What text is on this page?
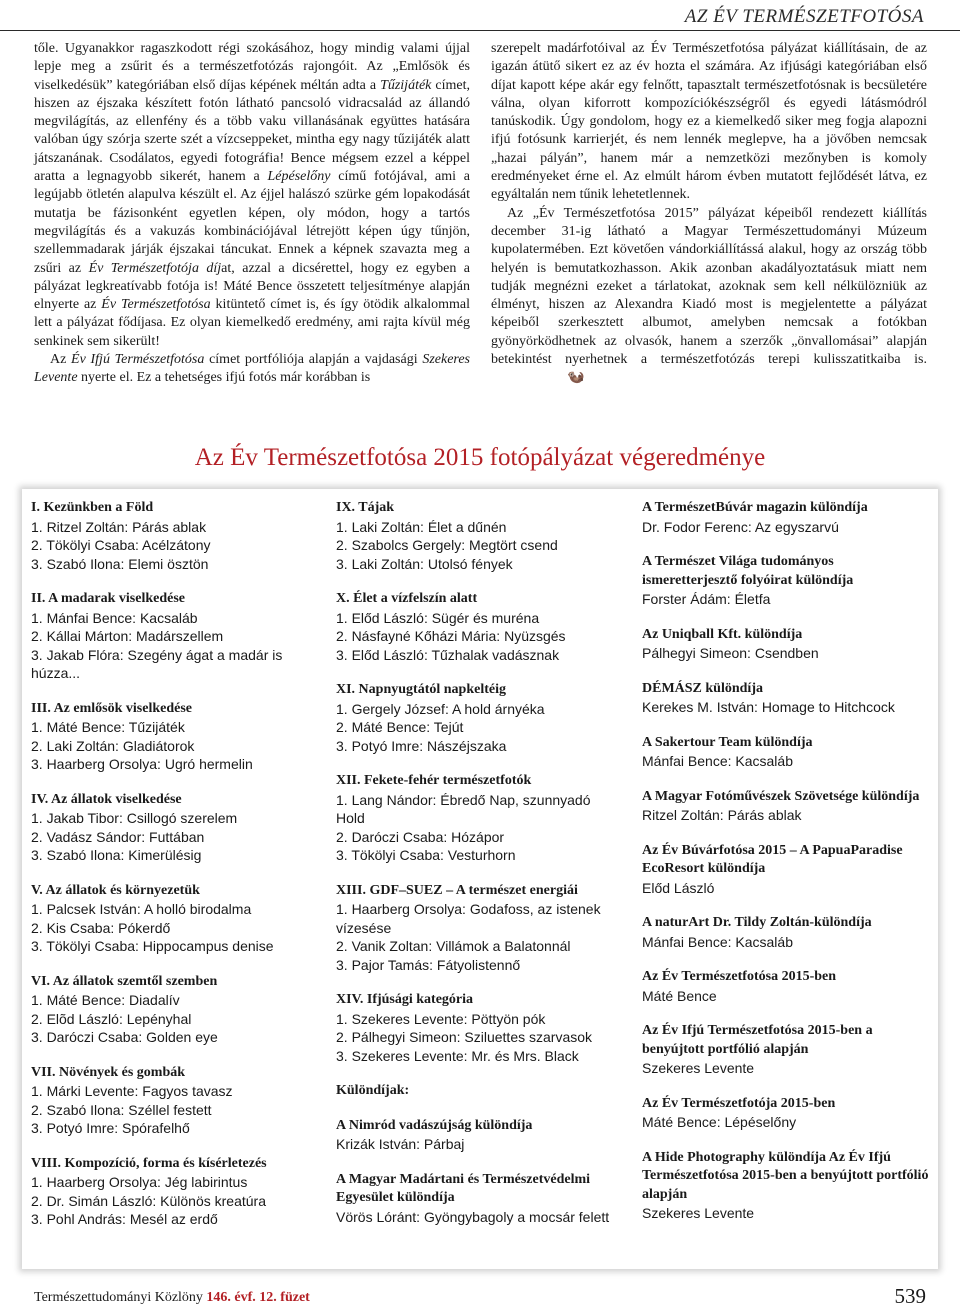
AZ ÉV TERMÉSZETFOTÓSA

tőle. Ugyanakkor ragaszkodott régi szokásához, hogy mindig valami újjal lepje meg a zsűrit és a természetfotózás rajongóit. Az „Emlősök és viselkedésük” kategóriában első díjas képének méltán adta a Tűzijáték címet, hiszen az éjszaka készített fotón látható pancsoló vidracsalád az állandó megvilágítás, az ellenfény és a több vaku villanásának együttes hatására valóban úgy szórja szerte szét a vízcseppeket, mintha egy nagy tűzijáték alatt játszanának. Csodálatos, egyedi fotográfia! Bence mégsem ezzel a képpel aratta a legnagyobb sikerét, hanem a Lépéselőny című fotójával, ami a legújabb ötletén alapulva készült el. Az éjjel halászó szürke gém lopakodását mutatja be fázisonként egyetlen képen, oly módon, hogy a tartós megvilágítás és a vakuzás kombinációjával létrejött képen úgy tűnjön, szellemmadarak járják éjszakai táncukat. Ennek a képnek szavazta meg a zsűri az Év Természetfotója díjat, azzal a dicsérettel, hogy ez egyben a pályázat legkreatívabb fotója is! Máté Bence összetett teljesítménye alapján elnyerte az Év Természetfotósa kitüntető címet is, és így ötödik alkalommal lett a pályázat fődíjasa. Ez olyan kiemelkedő eredmény, ami rajta kívül még senkinek sem sikerült!

Az Év Ifjú Természetfotósa címet portfóliója alapján a vajdasági Szekeres Levente nyerte el. Ez a tehetséges ifjú fotós már korábban is

szerepelt madárfotóival az Év Természetfotósa pályázat kiállításain, de az igazán átütő sikert ez az év hozta el számára. Az ifjúsági kategóriában első díjat kapott képe akár egy felnőtt, tapasztalt természetfotósnak is becsületére válna, olyan kiforrott kompozíciókészségről és egyedi látásmódról tanúskodik. Úgy gondolom, hogy ez a kiemelkedő siker meg fogja alapozni ifjú fotósunk karrierjét, és nem lennék meglepve, ha a jövőben nemcsak „hazai pályán”, hanem már a nemzetközi mezőnyben is komoly eredményeket érne el. Az elmúlt három évben mutatott fejlődését látva, ez egyáltalán nem tűnik lehetetlennek.

Az „Év Természetfotósa 2015” pályázat képeiből rendezett kiállítás december 31-ig látható a Magyar Természettudományi Múzeum kupolatermében. Ezt követően vándorkiállítássá alakul, hogy az ország több helyén is bemutatkozhasson. Akik azonban akadályoztatásuk miatt nem tudják megnézni ezeket a tárlatokat, azoknak sem kell nélkülözniük az élményt, hiszen az Alexandra Kiadó most is megjelentette a pályázat képeiből szerkesztett albumot, amelyben nemcsak a fotókban gyönyörködhetnek az olvasók, hanem a szerzők „önvallomásai” alapján betekintést nyerhetnek a természetfotózás terepi kulisszatitkaiba is.🦦

Az Év Természetfotósa 2015 fotópályázat végeredménye
I. Kezünkben a Föld
1. Ritzel Zoltán: Párás ablak
2. Tökölyi Csaba: Acélzátony
3. Szabó Ilona: Elemi ösztön
II. A madarak viselkedése
1. Mánfai Bence: Kacsaláb
2. Kállai Márton: Madárszellem
3. Jakab Flóra: Szegény ágat a madár is húzza...
III. Az emlősök viselkedése
1. Máté Bence: Tűzijáték
2. Laki Zoltán: Gladiátorok
3. Haarberg Orsolya: Ugró hermelin
IV. Az állatok viselkedése
1. Jakab Tibor: Csillogó szerelem
2. Vadász Sándor: Futtában
3. Szabó Ilona: Kimerülésig
V. Az állatok és környezetük
1. Palcsek István: A holló birodalma
2. Kis Csaba: Pókerdő
3. Tökölyi Csaba: Hippocampus denise
VI. Az állatok szemtől szemben
1. Máté Bence: Diadalív
2. Elõd László: Lepényhal
3. Daróczi Csaba: Golden eye
VII. Növények és gombák
1. Márki Levente: Fagyos tavasz
2. Szabó Ilona: Széllel festett
3. Potyó Imre: Spórafelhő
VIII. Kompozíció, forma és kísérletezés
1. Haarberg Orsolya: Jég labirintus
2. Dr. Simán László: Különös kreatúra
3. Pohl András: Mesél az erdő
IX. Tájak
1. Laki Zoltán: Élet a dűnén
2. Szabolcs Gergely: Megtört csend
3. Laki Zoltán: Utolsó fények
X. Élet a vízfelszín alatt
1. Előd László: Sügér és muréna
2. Násfayné Kőházi Mária: Nyüzsgés
3. Előd László: Tűzhalak vadásznak
XI. Napnyugtától napkeltéig
1. Gergely József: A hold árnyéka
2. Máté Bence: Tejút
3. Potyó Imre: Nászéjszaka
XII. Fekete-fehér természetfotók
1. Lang Nándor: Ébredő Nap, szunnyadó Hold
2. Daróczi Csaba: Hózápor
3. Tökölyi Csaba: Vesturhorn
XIII. GDF–SUEZ – A természet energiái
1. Haarberg Orsolya: Godafoss, az istenek vízesése
2. Vanik Zoltan: Villámok a Balatonnál
3. Pajor Tamás: Fátyolistennő
XIV. Ifjúsági kategória
1. Szekeres Levente: Pöttyön pók
2. Pálhegyi Simeon: Sziluettes szarvasok
3. Szekeres Levente: Mr. és Mrs. Black
Különdíjak:
A Nimród vadászújság különdíja
Krizák István: Párbaj
A Magyar Madártani és Természetvédelmi Egyesület különdíja
Vörös Lóránt: Gyöngybagoly a mocsár felett
A TermészetBúvár magazin különdíja
Dr. Fodor Ferenc: Az egyszarvú
A Természet Világa tudományos ismeretterjesztő folyóirat különdíja
Forster Ádám: Életfa
Az Uniqball Kft. különdíja
Pálhegyi Simeon: Csendben
DÉMÁSZ különdíja
Kerekes M. István: Homage to Hitchcock
A Sakertour Team különdíja
Mánfai Bence: Kacsaláb
A Magyar Fotóművészek Szövetsége különdíja
Ritzel Zoltán: Párás ablak
Az Év Búvárfotósa 2015 – A PapuaParadise EcoResort különdíja
Előd László
A naturArt Dr. Tildy Zoltán-különdíja
Mánfai Bence: Kacsaláb
Az Év Természetfotósa 2015-ben
Máté Bence
Az Év Ifjú Természetfotósa 2015-ben a benyújtott portfólió alapján
Szekeres Levente
Az Év Természetfotója 2015-ben
Máté Bence: Lépéselőny
A Hide Photography különdíja Az Év Ifjú Természetfotósa 2015-ben a benyújtott portfólió alapján
Szekeres Levente
Természettudományi Közlöny 146. évf. 12. füzet	539
